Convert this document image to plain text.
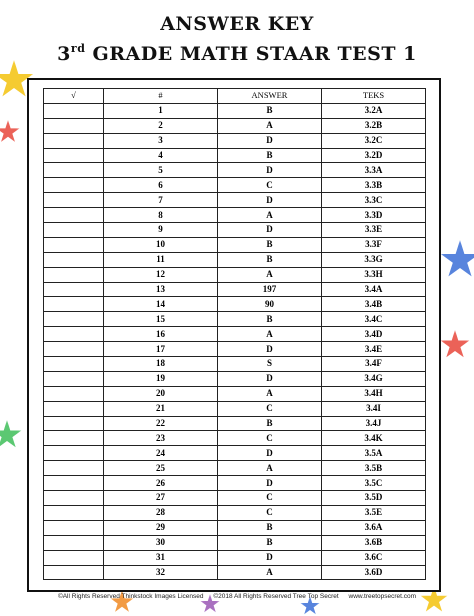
ANSWER KEY
3rd GRADE MATH STAAR TEST 1
√	#	ANSWER	TEKS
	1	B	3.2A
	2	A	3.2B
	3	D	3.2C
	4	B	3.2D
	5	D	3.3A
	6	C	3.3B
	7	D	3.3C
	8	A	3.3D
	9	D	3.3E
	10	B	3.3F
	11	B	3.3G
	12	A	3.3H
	13	197	3.4A
	14	90	3.4B
	15	B	3.4C
	16	A	3.4D
	17	D	3.4E
	18	S	3.4F
	19	D	3.4G
	20	A	3.4H
	21	C	3.4I
	22	B	3.4J
	23	C	3.4K
	24	D	3.5A
	25	A	3.5B
	26	D	3.5C
	27	C	3.5D
	28	C	3.5E
	29	B	3.6A
	30	B	3.6B
	31	D	3.6C
	32	A	3.6D
©All Rights Reserved Thinkstock Images Licensed ©2018 All Rights Reserved Tree Top Secret www.treetopsecret.com
